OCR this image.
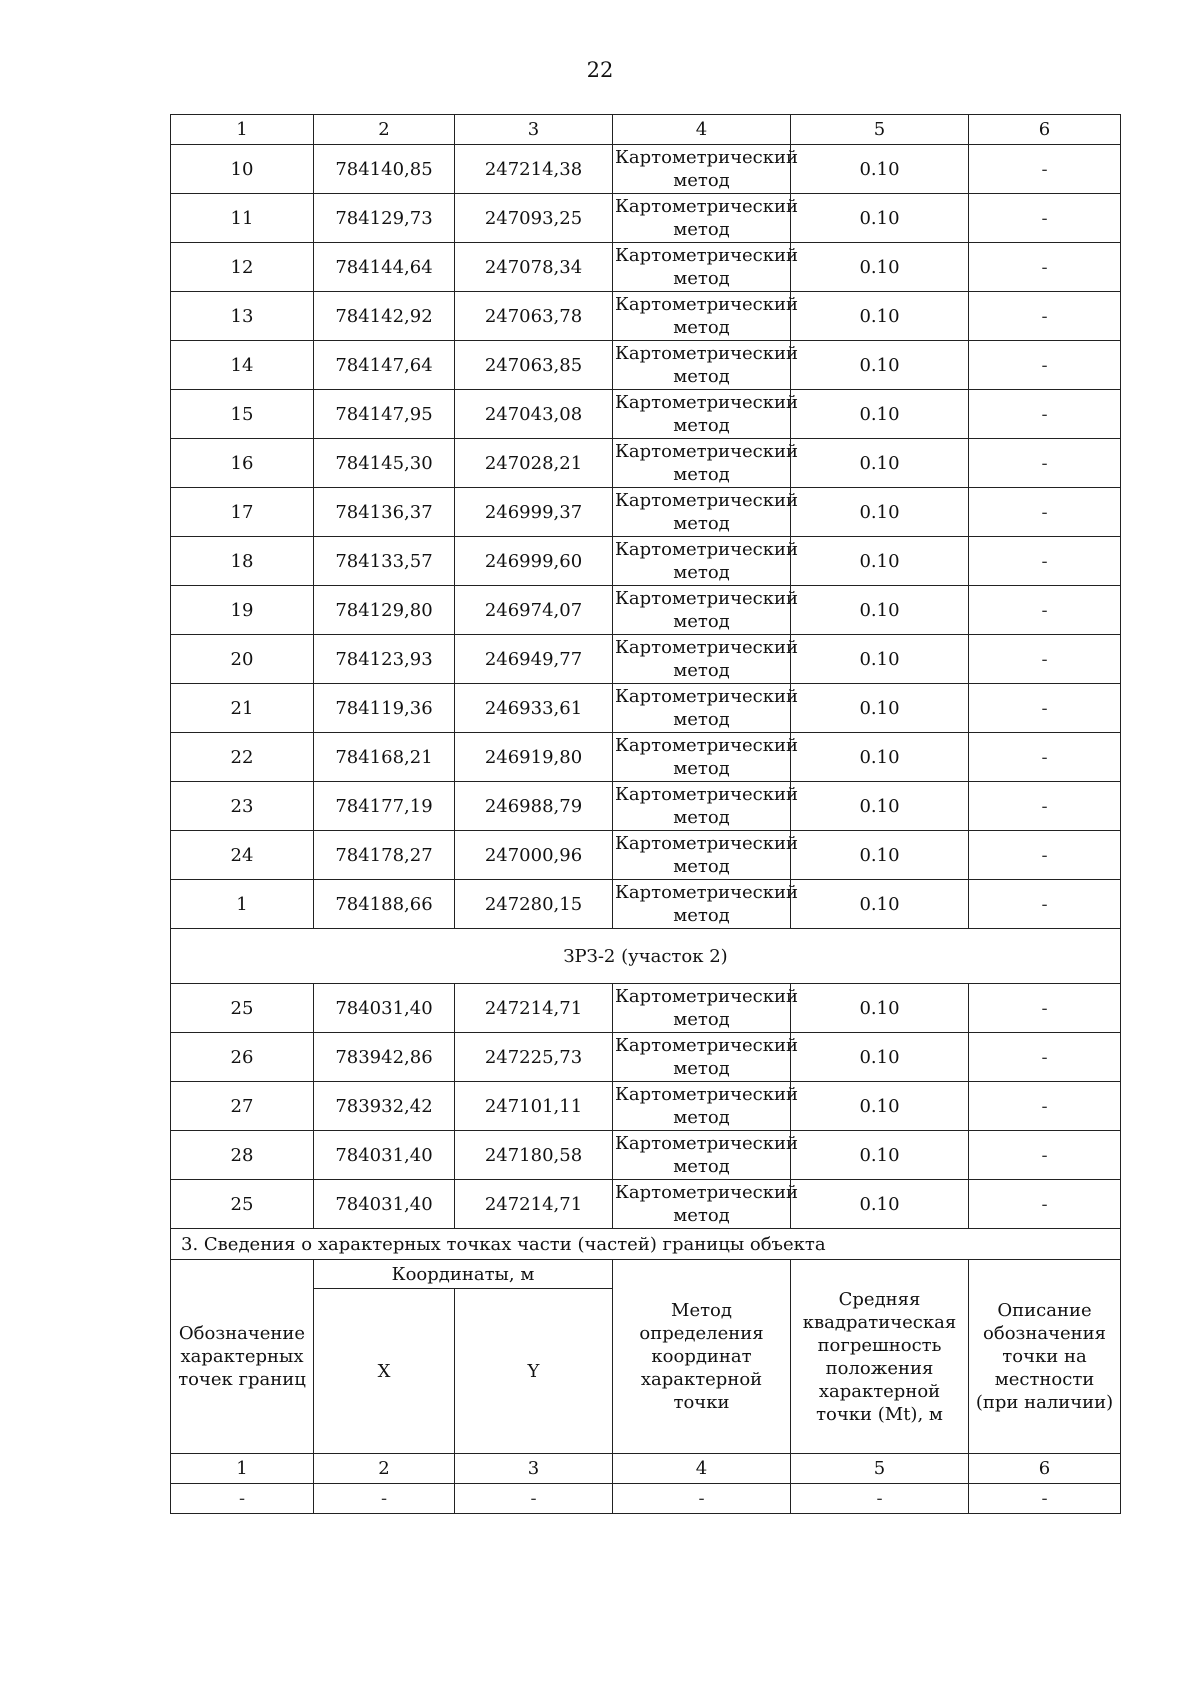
22
1	2	3	4	5	6
10	784140,85	247214,38	Картометрический метод	0.10	-
11	784129,73	247093,25	Картометрический метод	0.10	-
12	784144,64	247078,34	Картометрический метод	0.10	-
13	784142,92	247063,78	Картометрический метод	0.10	-
14	784147,64	247063,85	Картометрический метод	0.10	-
15	784147,95	247043,08	Картометрический метод	0.10	-
16	784145,30	247028,21	Картометрический метод	0.10	-
17	784136,37	246999,37	Картометрический метод	0.10	-
18	784133,57	246999,60	Картометрический метод	0.10	-
19	784129,80	246974,07	Картометрический метод	0.10	-
20	784123,93	246949,77	Картометрический метод	0.10	-
21	784119,36	246933,61	Картометрический метод	0.10	-
22	784168,21	246919,80	Картометрический метод	0.10	-
23	784177,19	246988,79	Картометрический метод	0.10	-
24	784178,27	247000,96	Картометрический метод	0.10	-
1	784188,66	247280,15	Картометрический метод	0.10	-
ЗРЗ-2 (участок 2)					
25	784031,40	247214,71	Картометрический метод	0.10	-
26	783942,86	247225,73	Картометрический метод	0.10	-
27	783932,42	247101,11	Картометрический метод	0.10	-
28	784031,40	247180,58	Картометрический метод	0.10	-
25	784031,40	247214,71	Картометрический метод	0.10	-
3. Сведения о характерных точках части (частей) границы объекта					
Обозначение характерных точек границ	Координаты, м		Метод определения координат характерной точки	Средняя квадратическая погрешность положения характерной точки (Mt), м	Описание обозначения точки на местности (при наличии)
	X	Y			
1	2	3	4	5	6
-	-	-	-	-	-
